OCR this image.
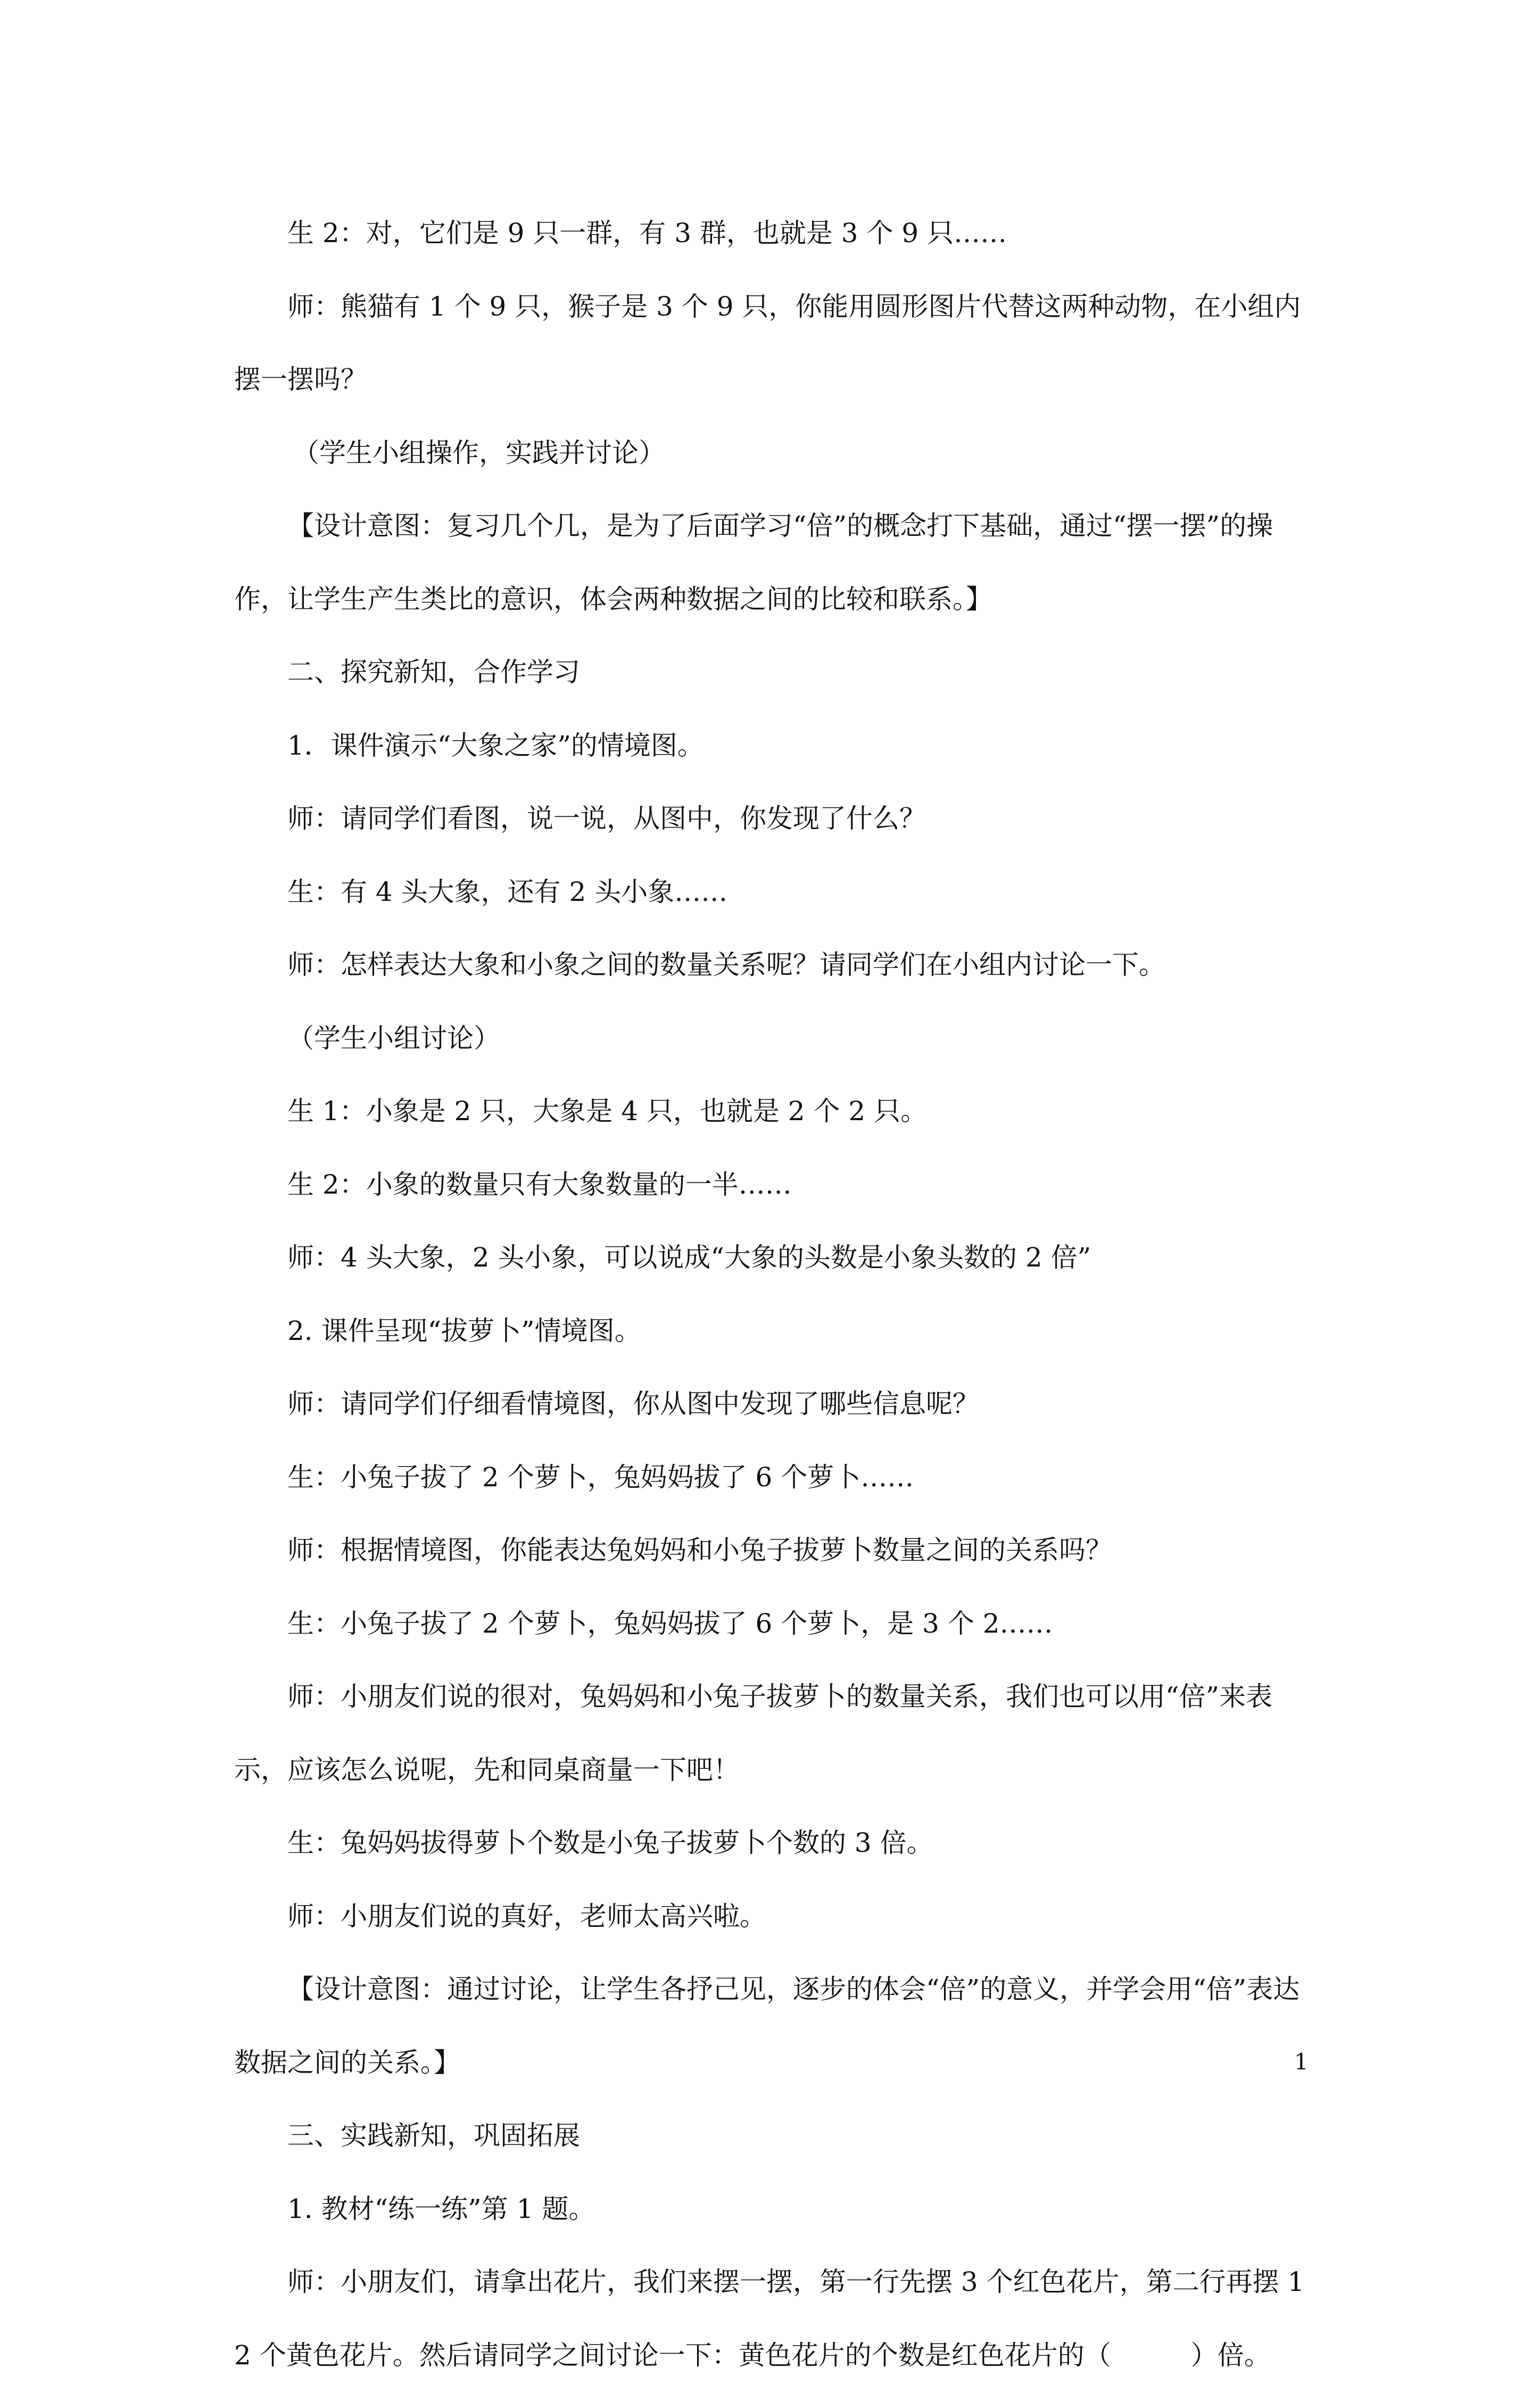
生 2：对，它们是 9 只一群，有 3 群，也就是 3 个 9 只……

师：熊猫有 1 个 9 只，猴子是 3 个 9 只，你能用圆形图片代替这两种动物，在小组内摆一摆吗？

（学生小组操作，实践并讨论）

【设计意图：复习几个几，是为了后面学习“倍”的概念打下基础，通过“摆一摆”的操作，让学生产生类比的意识，体会两种数据之间的比较和联系。】

二、探究新知，合作学习

1．课件演示“大象之家”的情境图。

师：请同学们看图，说一说，从图中，你发现了什么？

生：有 4 头大象，还有 2 头小象……

师：怎样表达大象和小象之间的数量关系呢？请同学们在小组内讨论一下。

（学生小组讨论）

生 1：小象是 2 只，大象是 4 只，也就是 2 个 2 只。

生 2：小象的数量只有大象数量的一半……

师：4 头大象，2 头小象，可以说成“大象的头数是小象头数的 2 倍”

2. 课件呈现“拔萝卜”情境图。

师：请同学们仔细看情境图，你从图中发现了哪些信息呢？

生：小兔子拔了 2 个萝卜，兔妈妈拔了 6 个萝卜……

师：根据情境图，你能表达兔妈妈和小兔子拔萝卜数量之间的关系吗？

生：小兔子拔了 2 个萝卜，兔妈妈拔了 6 个萝卜，是 3 个 2……

师：小朋友们说的很对，兔妈妈和小兔子拔萝卜的数量关系，我们也可以用“倍”来表示，应该怎么说呢，先和同桌商量一下吧！

生：兔妈妈拔得萝卜个数是小兔子拔萝卜个数的 3 倍。

师：小朋友们说的真好，老师太高兴啦。

【设计意图：通过讨论，让学生各抒己见，逐步的体会“倍”的意义，并学会用“倍”表达数据之间的关系。】

三、实践新知，巩固拓展

1. 教材“练一练”第 1 题。

师：小朋友们，请拿出花片，我们来摆一摆，第一行先摆 3 个红色花片，第二行再摆 12 个黄色花片。然后请同学之间讨论一下：黄色花片的个数是红色花片的（　　　）倍。

1
